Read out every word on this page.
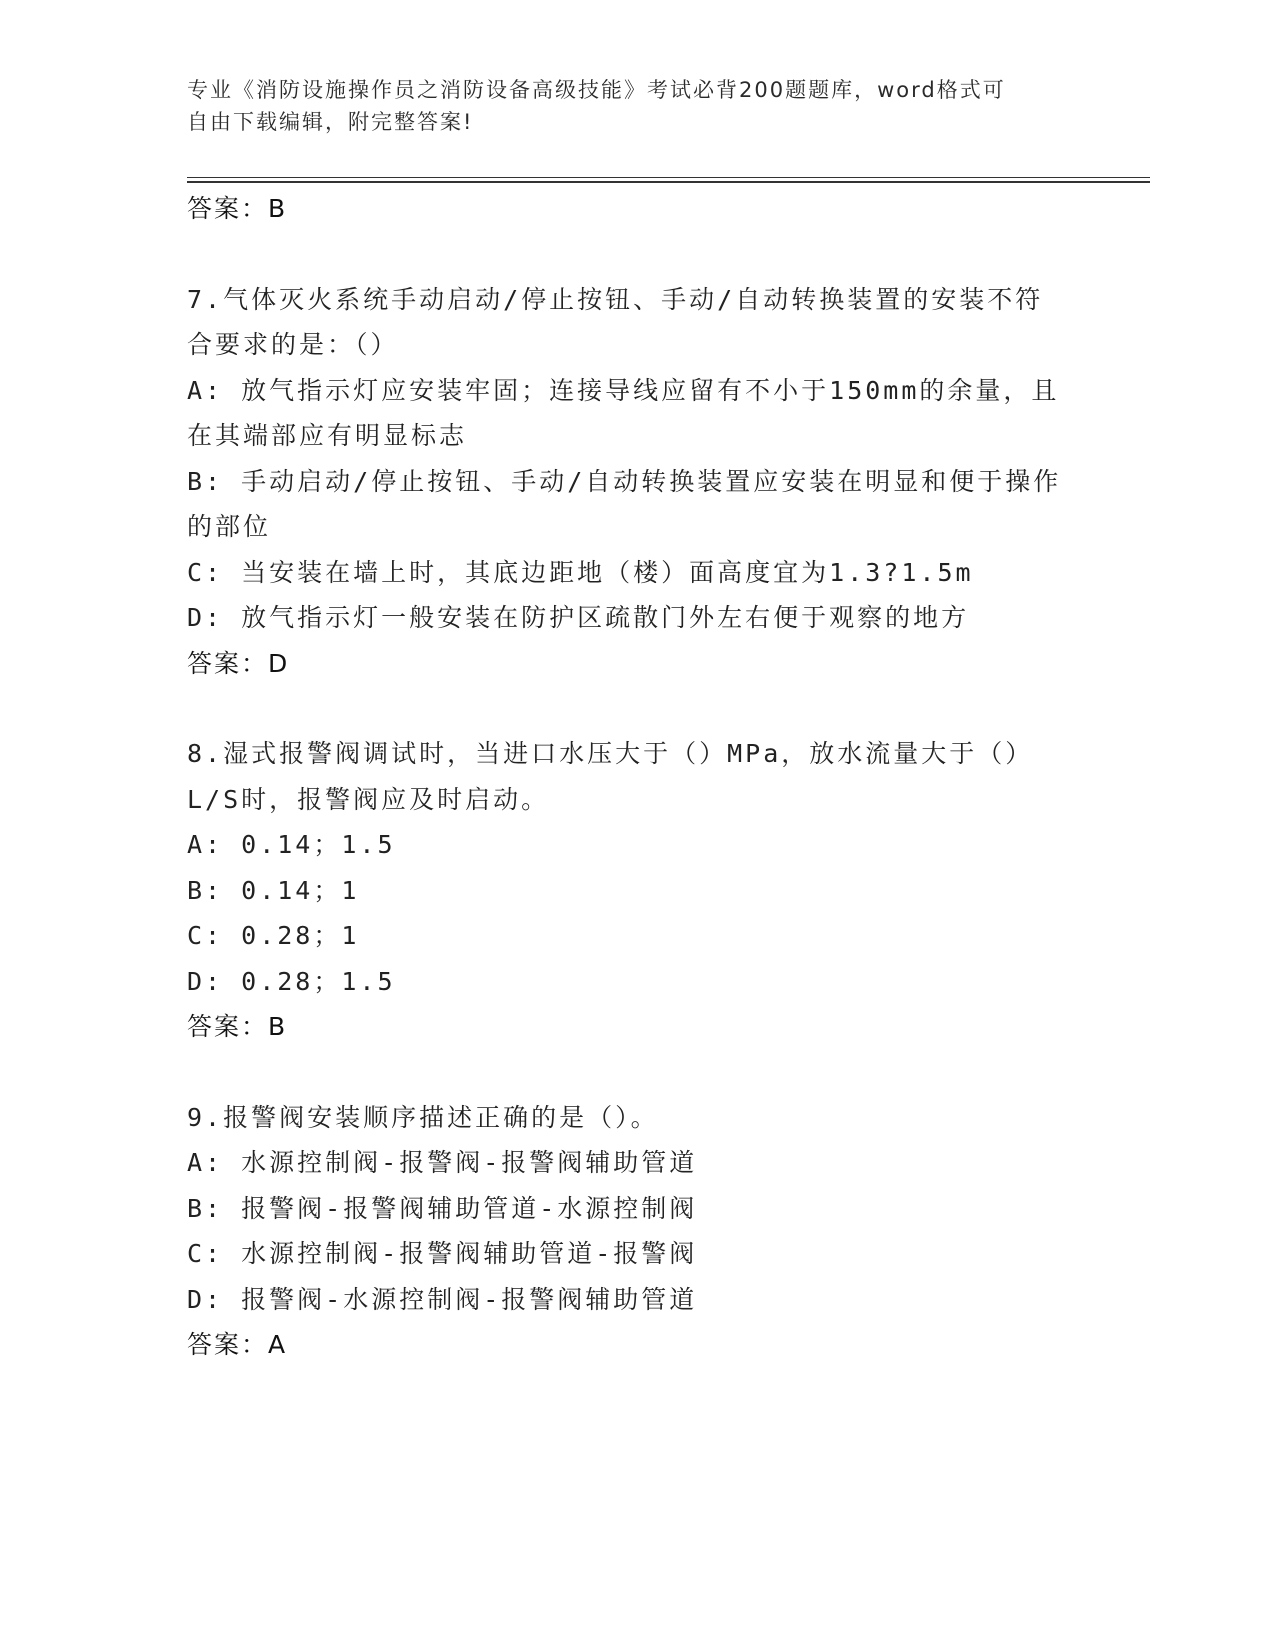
专业《消防设施操作员之消防设备高级技能》考试必背200题题库，word格式可
自由下载编辑，附完整答案!
答案：B
7.气体灭火系统手动启动/停止按钮、手动/自动转换装置的安装不符
合要求的是：（）
A: 放气指示灯应安装牢固；连接导线应留有不小于150mm的余量，且
在其端部应有明显标志
B: 手动启动/停止按钮、手动/自动转换装置应安装在明显和便于操作
的部位
C: 当安装在墙上时，其底边距地（楼）面高度宜为1.3?1.5m
D: 放气指示灯一般安装在防护区疏散门外左右便于观察的地方
答案：D
8.湿式报警阀调试时，当进口水压大于（）MPa，放水流量大于（）
L/S时，报警阀应及时启动。
A: 0.14；1.5
B: 0.14；1
C: 0.28；1
D: 0.28；1.5
答案：B
9.报警阀安装顺序描述正确的是（）。
A: 水源控制阀-报警阀-报警阀辅助管道
B: 报警阀-报警阀辅助管道-水源控制阀
C: 水源控制阀-报警阀辅助管道-报警阀
D: 报警阀-水源控制阀-报警阀辅助管道
答案：A
